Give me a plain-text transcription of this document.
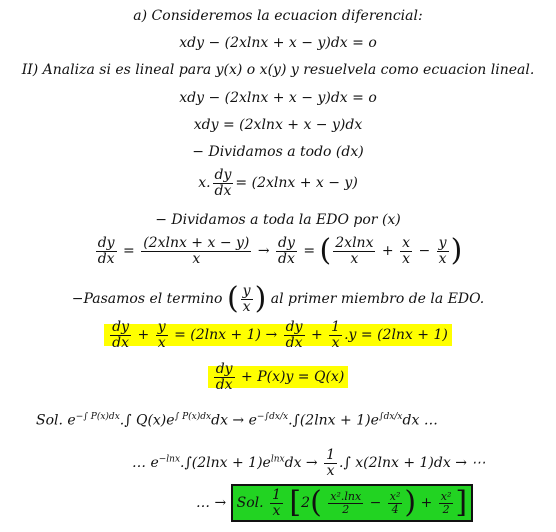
a) Consideremos la ecuacion diferencial:
xdy − (2xlnx + x − y)dx = o
II) Analiza si es lineal para y(x) o x(y) y resuelvela como ecuacion lineal.
xdy − (2xlnx + x − y)dx = o
xdy = (2xlnx + x − y)dx
− Dividamos a todo (dx)
x. $\frac{dy}{dx} = (2xlnx + x - y)$
− Dividamos a toda la EDO por (x)
$\frac{dy}{dx} = \frac{(2xlnx + x - y)}{x} \to \frac{dy}{dx}$ = ( $\frac{2xlnx}{x} + \frac{x}{x} - \frac{y}{x}$ )
−Pasamos el termino ( $\frac{y}{x}$ ) al primer miembro de la EDO.
$\frac{dy}{dx} + \frac{y}{x} = (2\ln x + 1) \to \frac{dy}{dx} + \frac{1}{x} .y = (2\ln x + 1)$
$\frac{dy}{dx} + P(x)y = Q(x)$
Sol. $e^{-\int P(x)dx}.\int$ $Q(x)e^{\int P(x)dx}dx \to e^{-\int dx/x}.\int(2\ln x + 1)e^{\int dx/x}dx$ …
… $e^{-lnx}.\int(2\ln x + 1)e^{lnx}dx \to \frac{1}{x}$ .∫ x(2lnx + 1)dx → ⋯
… → Sol. $\frac{1}{x} [2( \frac{\text{x².lnx}}{2} - \frac{\text{x²}}{4}$ ) + $\frac{\text{x²}}{2}$ ]
